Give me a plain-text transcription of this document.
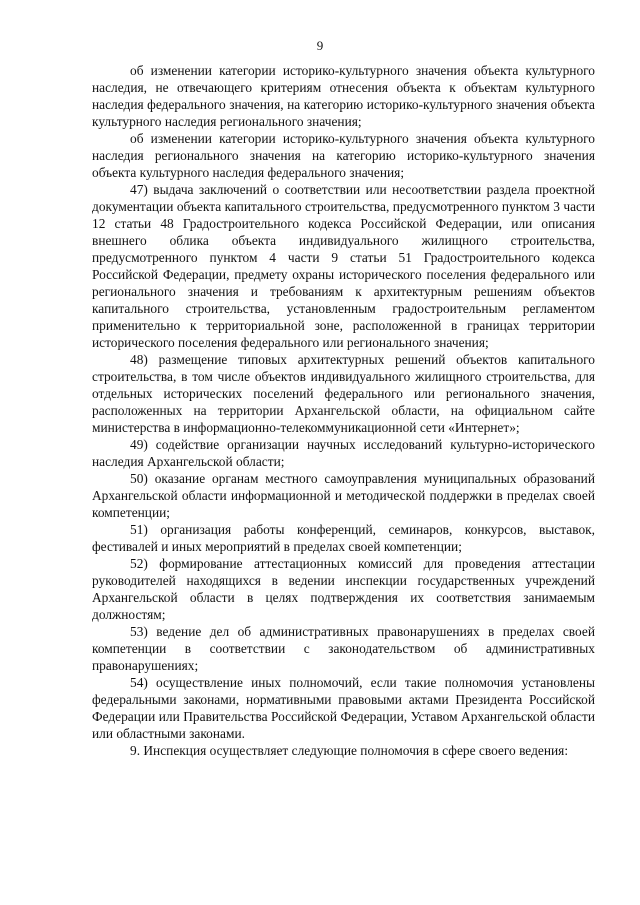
9

об изменении категории историко-культурного значения объекта культурного наследия, не отвечающего критериям отнесения объекта к объектам культурного наследия федерального значения, на категорию историко-культурного значения объекта культурного наследия регионального значения;

об изменении категории историко-культурного значения объекта культурного наследия регионального значения на категорию историко-культурного значения объекта культурного наследия федерального значения;

47) выдача заключений о соответствии или несоответствии раздела проектной документации объекта капитального строительства, предусмотренного пунктом 3 части 12 статьи 48 Градостроительного кодекса Российской Федерации, или описания внешнего облика объекта индивидуального жилищного строительства, предусмотренного пунктом 4 части 9 статьи 51 Градостроительного кодекса Российской Федерации, предмету охраны исторического поселения федерального или регионального значения и требованиям к архитектурным решениям объектов капитального строительства, установленным градостроительным регламентом применительно к территориальной зоне, расположенной в границах территории исторического поселения федерального или регионального значения;

48) размещение типовых архитектурных решений объектов капитального строительства, в том числе объектов индивидуального жилищного строительства, для отдельных исторических поселений федерального или регионального значения, расположенных на территории Архангельской области, на официальном сайте министерства в информационно-телекоммуникационной сети «Интернет»;

49) содействие организации научных исследований культурно-исторического наследия Архангельской области;

50) оказание органам местного самоуправления муниципальных образований Архангельской области информационной и методической поддержки в пределах своей компетенции;

51) организация работы конференций, семинаров, конкурсов, выставок, фестивалей и иных мероприятий в пределах своей компетенции;

52) формирование аттестационных комиссий для проведения аттестации руководителей находящихся в ведении инспекции государственных учреждений Архангельской области в целях подтверждения их соответствия занимаемым должностям;

53) ведение дел об административных правонарушениях в пределах своей компетенции в соответствии с законодательством об административных правонарушениях;

54) осуществление иных полномочий, если такие полномочия установлены федеральными законами, нормативными правовыми актами Президента Российской Федерации или Правительства Российской Федерации, Уставом Архангельской области или областными законами.

9. Инспекция осуществляет следующие полномочия в сфере своего ведения:
